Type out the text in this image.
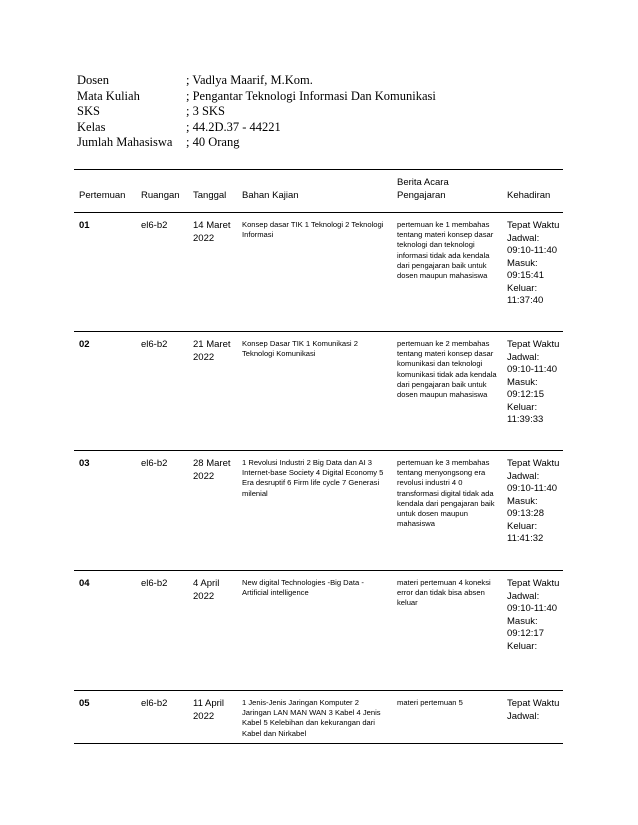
Dosen	; Vadlya Maarif, M.Kom.
Mata Kuliah	; Pengantar Teknologi Informasi Dan Komunikasi
SKS	; 3 SKS
Kelas	; 44.2D.37 - 44221
Jumlah Mahasiswa	; 40 Orang
Pertemuan	Ruangan	Tanggal	Bahan Kajian	Berita Acara Pengajaran	Kehadiran
01	el6-b2	14 Maret 2022	Konsep dasar TIK 1 Teknologi 2 Teknologi Informasi	pertemuan ke 1 membahas tentang materi konsep dasar teknologi dan teknologi informasi tidak ada kendala dari pengajaran baik untuk dosen maupun mahasiswa	Tepat Waktu Jadwal: 09:10-11:40 Masuk: 09:15:41 Keluar: 11:37:40
02	el6-b2	21 Maret 2022	Konsep Dasar TIK 1 Komunikasi 2 Teknologi Komunikasi	pertemuan ke 2 membahas tentang materi konsep dasar komunikasi dan teknologi komunikasi tidak ada kendala dari pengajaran baik untuk dosen maupun mahasiswa	Tepat Waktu Jadwal: 09:10-11:40 Masuk: 09:12:15 Keluar: 11:39:33
03	el6-b2	28 Maret 2022	1 Revolusi Industri 2 Big Data dan AI 3 Internet-base Society 4 Digital Economy 5 Era desruptif 6 Firm life cycle 7 Generasi milenial	pertemuan ke 3 membahas tentang menyongsong era revolusi industri 4 0 transformasi digital tidak ada kendala dari pengajaran baik untuk dosen maupun mahasiswa	Tepat Waktu Jadwal: 09:10-11:40 Masuk: 09:13:28 Keluar: 11:41:32
04	el6-b2	4 April 2022	New digital Technologies -Big Data -Artificial intelligence	materi pertemuan 4 koneksi error dan tidak bisa absen keluar	Tepat Waktu Jadwal: 09:10-11:40 Masuk: 09:12:17 Keluar:
05	el6-b2	11 April 2022	1 Jenis-Jenis Jaringan Komputer 2 Jaringan LAN MAN WAN 3 Kabel 4 Jenis Kabel 5 Kelebihan dan kekurangan dari Kabel dan Nirkabel	materi pertemuan 5	Tepat Waktu Jadwal:
